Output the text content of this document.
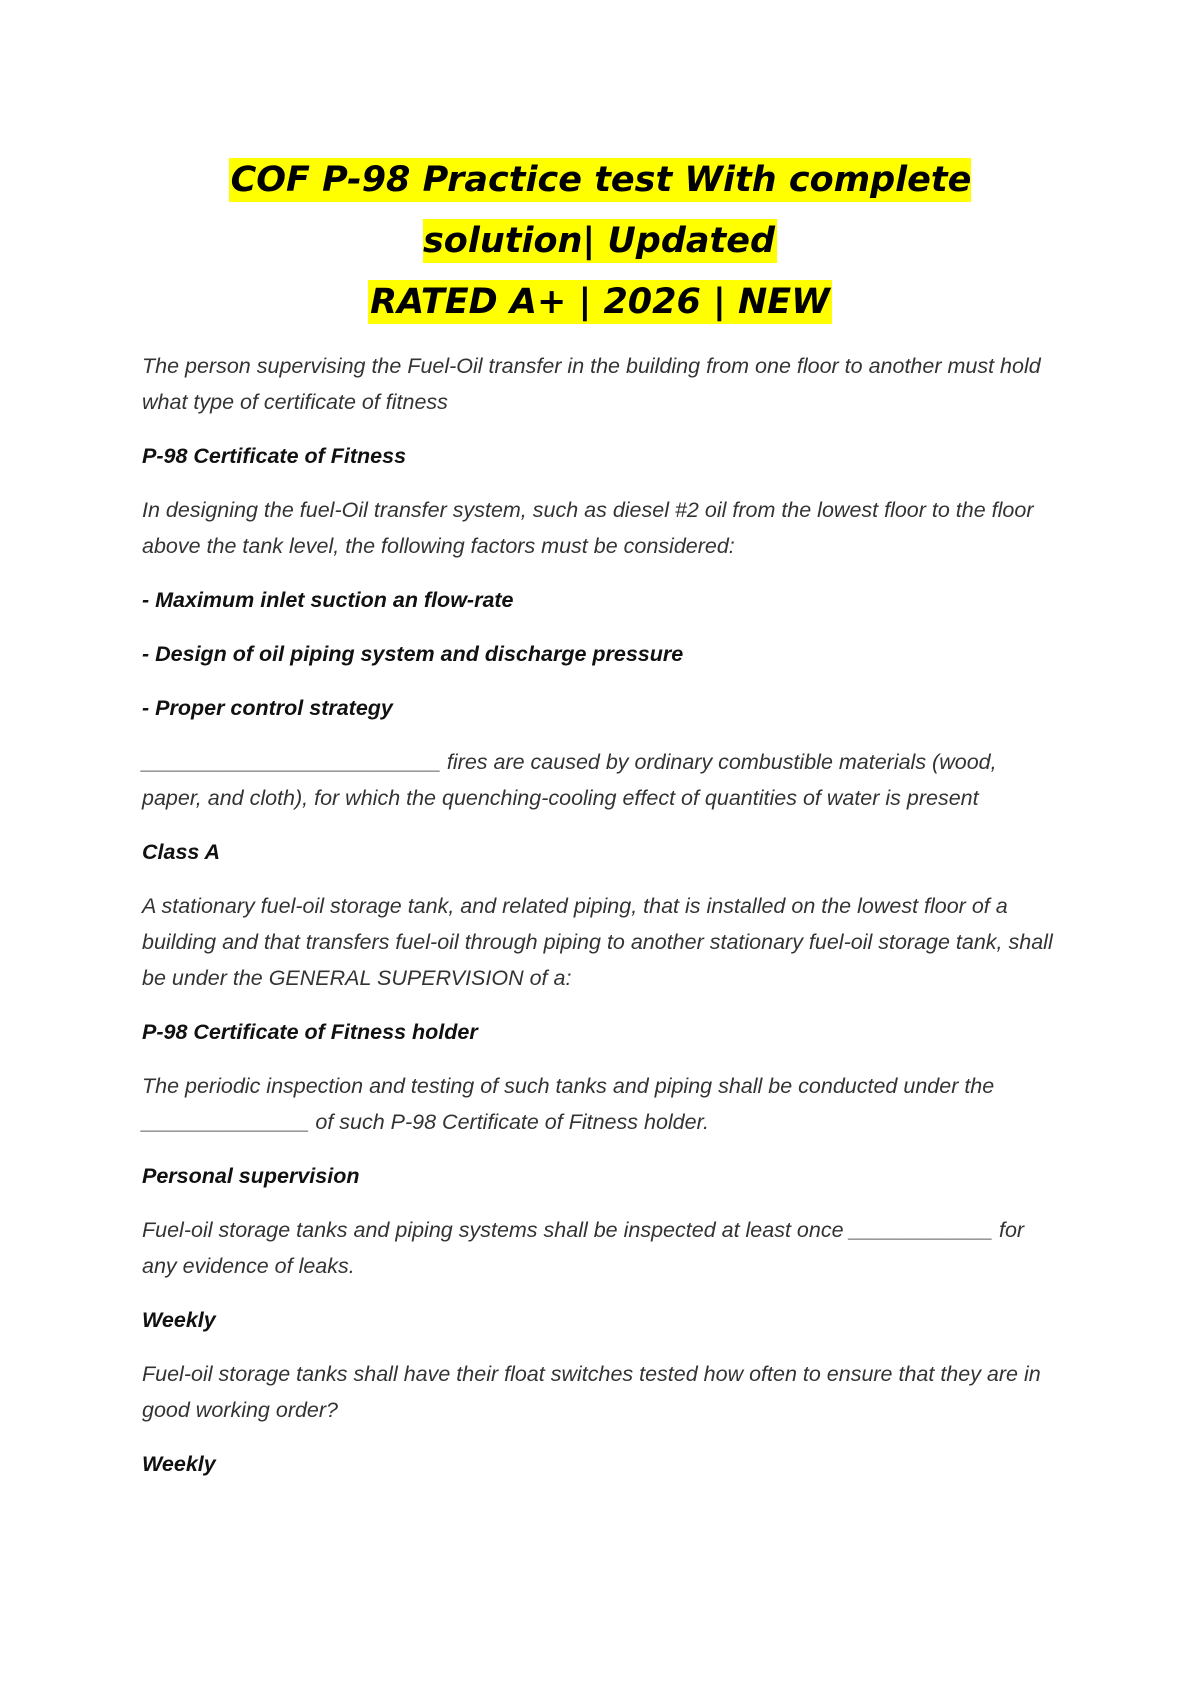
COF P-98 Practice test With complete solution| Updated
RATED A+ | 2026 | NEW

The person supervising the Fuel-Oil transfer in the building from one floor to another must hold what type of certificate of fitness

P-98 Certificate of Fitness

In designing the fuel-Oil transfer system, such as diesel #2 oil from the lowest floor to the floor above the tank level, the following factors must be considered:

- Maximum inlet suction an flow-rate

- Design of oil piping system and discharge pressure

- Proper control strategy

_________________________ fires are caused by ordinary combustible materials (wood, paper, and cloth), for which the quenching-cooling effect of quantities of water is present

Class A

A stationary fuel-oil storage tank, and related piping, that is installed on the lowest floor of a building and that transfers fuel-oil through piping to another stationary fuel-oil storage tank, shall be under the GENERAL SUPERVISION of a:

P-98 Certificate of Fitness holder

The periodic inspection and testing of such tanks and piping shall be conducted under the ______________ of such P-98 Certificate of Fitness holder.

Personal supervision

Fuel-oil storage tanks and piping systems shall be inspected at least once ____________ for any evidence of leaks.

Weekly

Fuel-oil storage tanks shall have their float switches tested how often to ensure that they are in good working order?

Weekly
